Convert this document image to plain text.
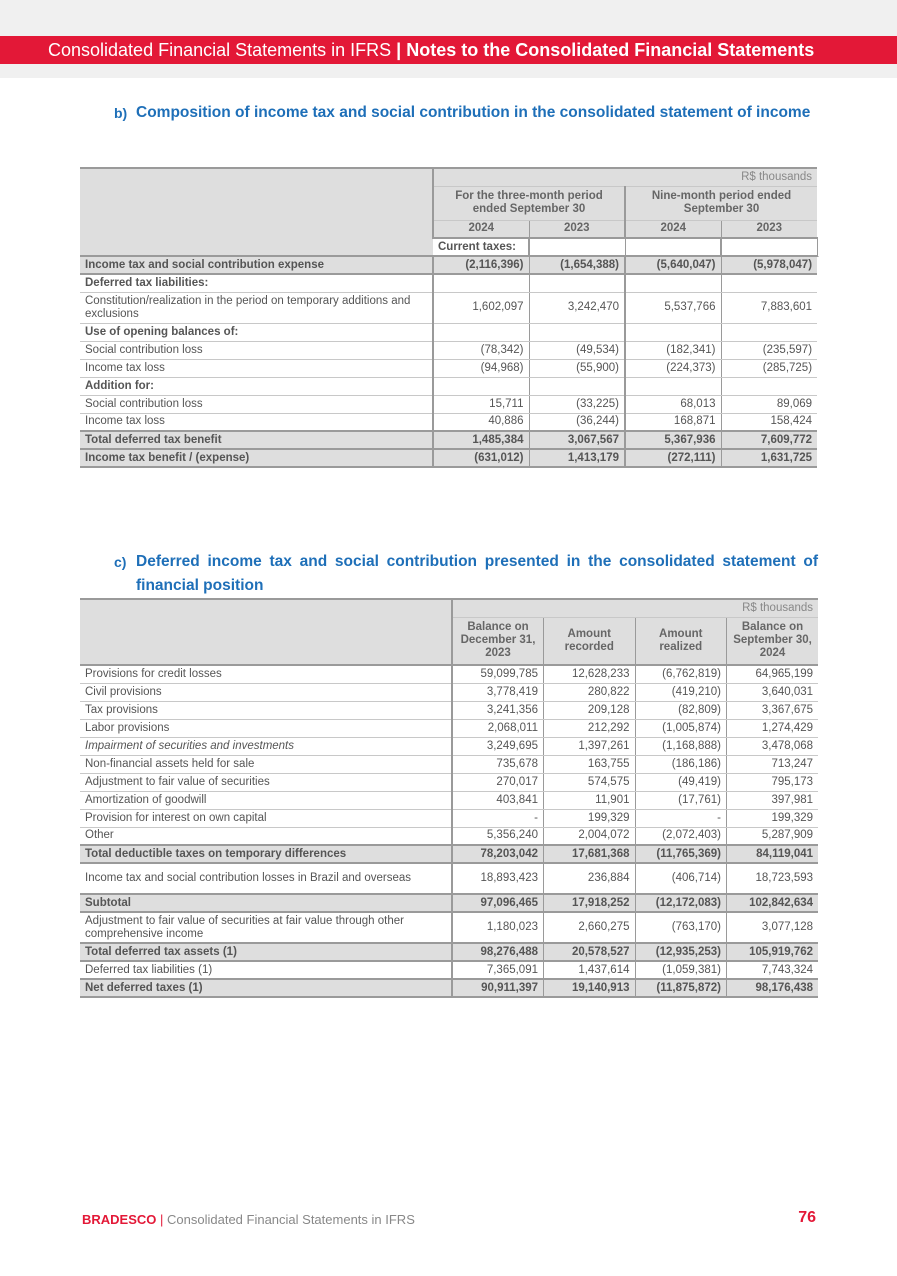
Consolidated Financial Statements in IFRS | Notes to the Consolidated Financial Statements
b) Composition of income tax and social contribution in the consolidated statement of income
	R$ thousands				
	For the three-month period ended September 30		Nine-month period ended September 30		
	2024	2023	2024	2023	
	Current taxes:				
Income tax and social contribution expense	(2,116,396)	(1,654,388)	(5,640,047)	(5,978,047)	
Deferred tax liabilities:					
Constitution/realization in the period on temporary additions and exclusions	1,602,097	3,242,470	5,537,766	7,883,601	
Use of opening balances of:					
Social contribution loss	(78,342)	(49,534)	(182,341)	(235,597)	
Income tax loss	(94,968)	(55,900)	(224,373)	(285,725)	
Addition for:					
Social contribution loss	15,711	(33,225)	68,013	89,069	
Income tax loss	40,886	(36,244)	168,871	158,424	
Total deferred tax benefit	1,485,384	3,067,567	5,367,936	7,609,772	
Income tax benefit / (expense)	(631,012)	1,413,179	(272,111)	1,631,725	
c) Deferred income tax and social contribution presented in the consolidated statement of financial position
	R$ thousands			
	Balance on December 31, 2023	Amount recorded	Amount realized	Balance on September 30, 2024
Provisions for credit losses	59,099,785	12,628,233	(6,762,819)	64,965,199
Civil provisions	3,778,419	280,822	(419,210)	3,640,031
Tax provisions	3,241,356	209,128	(82,809)	3,367,675
Labor provisions	2,068,011	212,292	(1,005,874)	1,274,429
Impairment of securities and investments	3,249,695	1,397,261	(1,168,888)	3,478,068
Non-financial assets held for sale	735,678	163,755	(186,186)	713,247
Adjustment to fair value of securities	270,017	574,575	(49,419)	795,173
Amortization of goodwill	403,841	11,901	(17,761)	397,981
Provision for interest on own capital	-	199,329	-	199,329
Other	5,356,240	2,004,072	(2,072,403)	5,287,909
Total deductible taxes on temporary differences	78,203,042	17,681,368	(11,765,369)	84,119,041
Income tax and social contribution losses in Brazil and overseas	18,893,423	236,884	(406,714)	18,723,593
Subtotal	97,096,465	17,918,252	(12,172,083)	102,842,634
Adjustment to fair value of securities at fair value through other comprehensive income	1,180,023	2,660,275	(763,170)	3,077,128
Total deferred tax assets (1)	98,276,488	20,578,527	(12,935,253)	105,919,762
Deferred tax liabilities (1)	7,365,091	1,437,614	(1,059,381)	7,743,324
Net deferred taxes (1)	90,911,397	19,140,913	(11,875,872)	98,176,438
BRADESCO | Consolidated Financial Statements in IFRS	76
